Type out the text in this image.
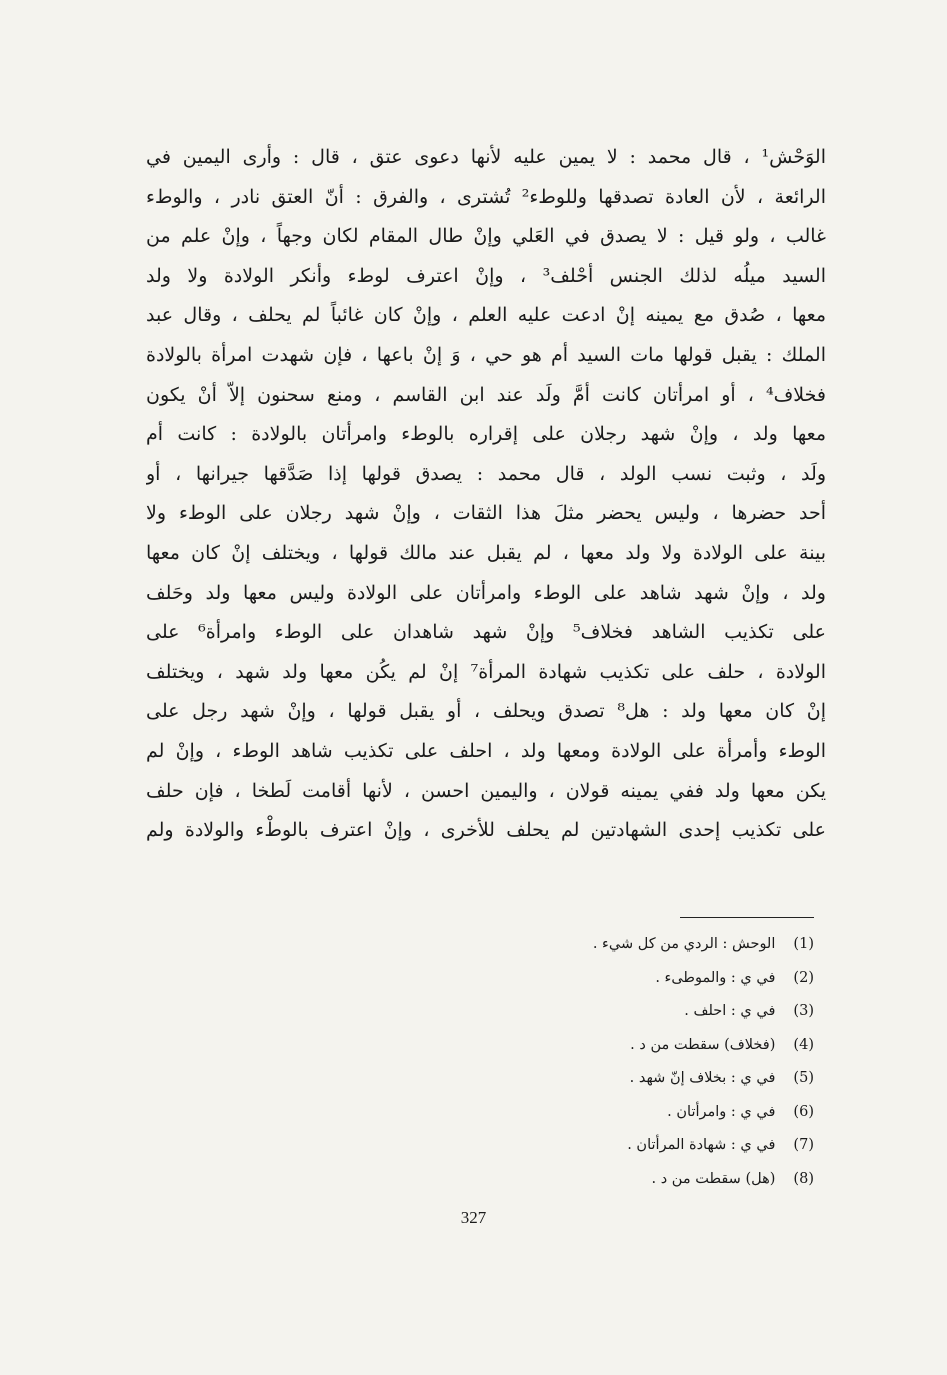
الوَحْش¹ ، قال محمد : لا يمين عليه لأنها دعوى عتق ، قال : وأرى اليمين في
الرائعة ، لأن العادة تصدقها وللوطء² تُشترى ، والفرق : أنّ العتق نادر ، والوطء
غالب ، ولو قيل : لا يصدق في العَلي وإنْ طال المقام لكان وجهاً ، وإنْ علم من
السيد ميلُه لذلك الجنس أحْلف³ ، وإنْ اعترف لوطء وأنكر الولادة ولا ولد
معها ، صُدق مع يمينه إنْ ادعت عليه العلم ، وإنْ كان غائباً لم يحلف ، وقال عبد
الملك : يقبل قولها مات السيد أم هو حي ، وَ إنْ باعها ، فإن شهدت امرأة بالولادة
فخلاف⁴ ، أو امرأتان كانت أمَّ ولَد عند ابن القاسم ، ومنع سحنون إلاّ أنْ يكون
معها ولد ، وإنْ شهد رجلان على إقراره بالوطء وامرأتان بالولادة : كانت أم
ولَد ، وثبت نسب الولد ، قال محمد : يصدق قولها إذا صَدَّقها جيرانها ، أو
أحد حضرها ، وليس يحضر مثلَ هذا الثقات ، وإنْ شهد رجلان على الوطء ولا
بينة على الولادة ولا ولد معها ، لم يقبل عند مالك قولها ، ويختلف إنْ كان معها
ولد ، وإنْ شهد شاهد على الوطء وامرأتان على الولادة وليس معها ولد وحَلف
على تكذيب الشاهد فخلاف⁵ وإنْ شهد شاهدان على الوطء وامرأة⁶ على
الولادة ، حلف على تكذيب شهادة المرأة⁷ إنْ لم يكُن معها ولد شهد ، ويختلف
إنْ كان معها ولد : هل⁸ تصدق ويحلف ، أو يقبل قولها ، وإنْ شهد رجل على
الوطء وأمرأة على الولادة ومعها ولد ، احلف على تكذيب شاهد الوطء ، وإنْ لم
يكن معها ولد ففي يمينه قولان ، واليمين احسن ، لأنها أقامت لَطخا ، فإن حلف
على تكذيب إحدى الشهادتين لم يحلف للأخرى ، وإنْ اعترف بالوطْء والولادة ولم
(1) الوحش : الردي من كل شيء .
(2) في ي : والموطىء .
(3) في ي : احلف .
(4) (فخلاف) سقطت من د .
(5) في ي : بخلاف إنّ شهد .
(6) في ي : وامرأتان .
(7) في ي : شهادة المرأتان .
(8) (هل) سقطت من د .
327
